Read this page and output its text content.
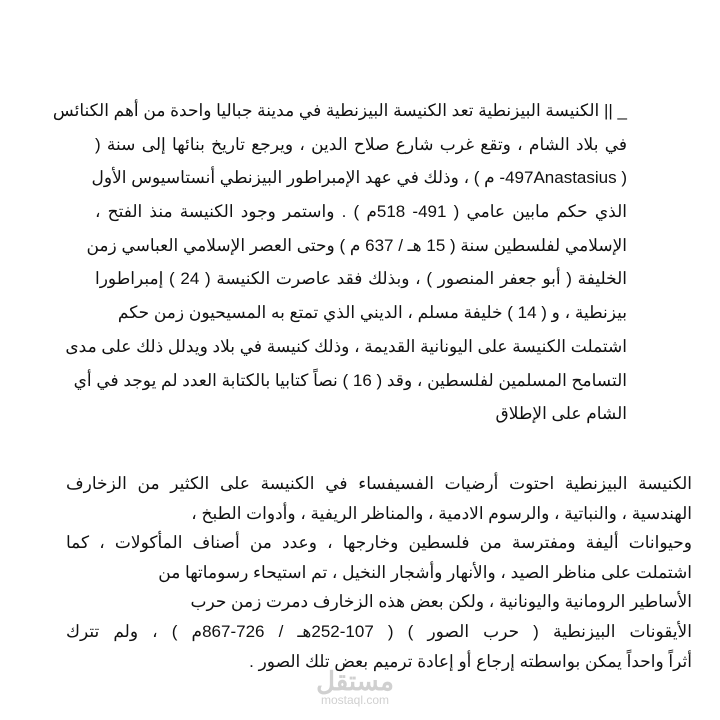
_ || الكنيسة البيزنطية تعد الكنيسة البيزنطية في مدينة جباليا واحدة من أهم الكنائس
في بلاد الشام ، وتقع غرب شارع صلاح الدين ، ويرجع تاريخ بنائها إلى سنة (
( ‎-497Anastasius‏ م ) ، وذلك في عهد الإمبراطور البيزنطي أنستاسيوس الأول
الذي حكم مابين عامي ( 491- 518م ) . واستمر وجود الكنيسة منذ الفتح ،
الإسلامي لفلسطين سنة ( 15 هـ / 637 م ) وحتى العصر الإسلامي العباسي زمن
الخليفة ( أبو جعفر المنصور ) ، وبذلك فقد عاصرت الكنيسة ( 24 ) إمبراطورا
بيزنطية ، و ( 14 ) خليفة مسلم ، الديني الذي تمتع به المسيحيون زمن حكم
اشتملت الكنيسة على اليونانية القديمة ، وذلك كنيسة في بلاد ويدلل ذلك على مدى
التسامح المسلمين لفلسطين ، وقد ( 16 ) نصاً كتابيا بالكتابة العدد لم يوجد في أي
الشام على الإطلاق
الكنيسة البيزنطية احتوت أرضيات الفسيفساء في الكنيسة على الكثير من الزخارف
الهندسية ، والنباتية ، والرسوم الادمية ، والمناظر الريفية ، وأدوات الطبخ ،
وحيوانات أليفة ومفترسة من فلسطين وخارجها ، وعدد من أصناف المأكولات ، كما
اشتملت على مناظر الصيد ، والأنهار وأشجار النخيل ، تم استيحاء رسوماتها من
الأساطير الرومانية واليونانية ، ولكن بعض هذه الزخارف دمرت زمن حرب
الأيقونات البيزنطية ( حرب الصور ) ( 107-252هـ / 726-867م ) ، ولم تترك
أثراً واحداً يمكن بواسطته إرجاع أو إعادة ترميم بعض تلك الصور .
مستقل
mostaql.com
